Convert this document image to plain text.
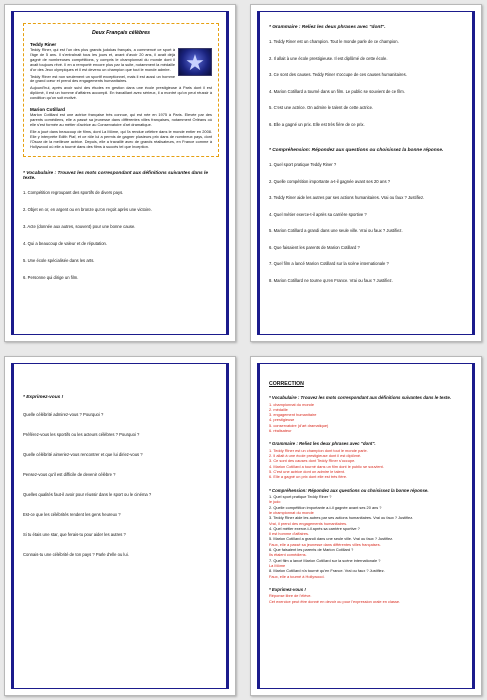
Deux Français célèbres
Teddy Riner
★

Teddy Riner, qui est l'un des plus grands judokas français, a commencé ce sport à l'âge de 5 ans. Il s'entraînait tous les jours et, avant d'avoir 20 ans, il avait déjà gagné de nombreuses compétitions, y compris le championnat du monde dont il avait toujours rêvé. Il en a remporté encore plus par la suite, notamment la médaille d'or des Jeux olympiques et il est devenu un champion que tout le monde admire.

Teddy Riner est non seulement un sportif exceptionnel, mais il est aussi un homme de grand cœur et prend des engagements humanitaires.

Aujourd'hui, après avoir suivi des études en gestion dans une école prestigieuse à Paris dont il est diplômé, il est un homme d'affaires accompli. En travaillant avec sérieux, il a montré qu'on peut réussir à condition qu'on soit motivé.

Marion Cotillard

Marion Cotillard est une actrice française très connue, qui est née en 1975 à Paris. Elevée par des parents comédiens, elle a passé sa jeunesse dans différentes villes françaises, notamment Orléans où elle s'est formée au métier d'actrice au Conservatoire d'art dramatique.

Elle a joué dans beaucoup de films, dont La Môme, qui l'a rendue célèbre dans le monde entier en 2008. Elle y interprète Edith Piaf, et ce rôle lui a permis de gagner plusieurs prix dans de nombreux pays, dont l'Oscar de la meilleure actrice. Depuis, elle a travaillé avec de grands réalisateurs, en France comme à Hollywood où elle a tourné dans des films à succès tel que Inception.

* Vocabulaire : Trouvez les mots correspondant aux définitions suivantes dans le texte.
1. Compétition regroupant des sportifs de divers pays.
2. Objet en or, en argent ou en bronze qu'on reçoit après une victoire.
3. Acte (donnée aux autres, souvent) pour une bonne cause.
4. Qui a beaucoup de valeur et de réputation.
5. Une école spécialisée dans les arts.
6. Personne qui dirige un film.
* Grammaire : Reliez les deux phrases avec "dont".
1. Teddy Riner est un champion. Tout le monde parle de ce champion.
2. Il allait à une école prestigieuse. Il est diplômé de cette école.
3. Ce sont des causes. Teddy Riner s'occupe de ces causes humanitaires.
4. Marion Cotillard a tourné dans un film. Le public se souvient de ce film.
5. C'est une actrice. On admire le talent de cette actrice.
6. Elle a gagné un prix. Elle est très fière de ce prix.
* Compréhension: Répondez aux questions ou choisissez la bonne réponse.
1. Quel sport pratique Teddy Riner ?
2. Quelle compétition importante a-t-il gagnée avant ses 20 ans ?
3. Teddy Riner aide les autres par ses actions humanitaires. Vrai ou faux ? Justifiez.
4. Quel métier exerce-t-il après sa carrière sportive ?
5. Marion Cotillard a grandi dans une seule ville. Vrai ou faux ? Justifiez.
6. Que faisaient les parents de Marion Cotillard ?
7. Quel film a lancé Marion Cotillard sur la scène internationale ?
8. Marion Cotillard ne tourne qu'en France. Vrai ou faux ? Justifiez.
* Exprimez-vous !
Quelle célébrité admirez-vous ? Pourquoi ?
Préférez-vous les sportifs ou les acteurs célèbres ? Pourquoi ?
Quelle célébrité aimeriez-vous rencontrer et que lui diriez-vous ?
Pensez-vous qu'il est difficile de devenir célèbre ?
Quelles qualités faut-il avoir pour réussir dans le sport ou le cinéma ?
Est-ce que les célébrités rendent les gens heureux ?
Si tu étais une star, que ferais-tu pour aider les autres ?
Connais-tu une célébrité de ton pays ? Parle d'elle ou lui.
CORRECTION
* Vocabulaire : Trouvez les mots correspondant aux définitions suivantes dans le texte.
1. championnat du monde
2. médaille
3. engagement humanitaire
4. prestigieuse
5. conservatoire (d'art dramatique)
6. réalisateur
* Grammaire : Reliez les deux phrases avec "dont".
1. Teddy Riner est un champion dont tout le monde parle.
2. Il allait à une école prestigieuse dont il est diplômé.
3. Ce sont des causes dont Teddy Riner s'occupe.
4. Marion Cotillard a tourné dans un film dont le public se souvient.
5. C'est une actrice dont on admire le talent.
6. Elle a gagné un prix dont elle est très fière.
* Compréhension: Répondez aux questions ou choisissez la bonne réponse.
1. Quel sport pratique Teddy Riner ?
le judo
2. Quelle compétition importante a-t-il gagnée avant ses 20 ans ?
le championnat du monde
3. Teddy Riner aide les autres par ses actions humanitaires. Vrai ou faux ? Justifiez.
Vrai, il prend des engagements humanitaires.
4. Quel métier exerce-t-il après sa carrière sportive ?
Il est homme d'affaires.
5. Marion Cotillard a grandi dans une seule ville. Vrai ou faux ? Justifiez.
Faux, elle a passé sa jeunesse dans différentes villes françaises.
6. Que faisaient les parents de Marion Cotillard ?
Ils étaient comédiens.
7. Quel film a lancé Marion Cotillard sur la scène internationale ?
La Môme
8. Marion Cotillard n'a tourné qu'en France. Vrai ou faux ? Justifiez.
Faux, elle a tourné à Hollywood.
* Exprimez-vous !
Réponse libre de l'élève.
Cet exercice peut être donné en devoir ou pour l'expression orale en classe.
